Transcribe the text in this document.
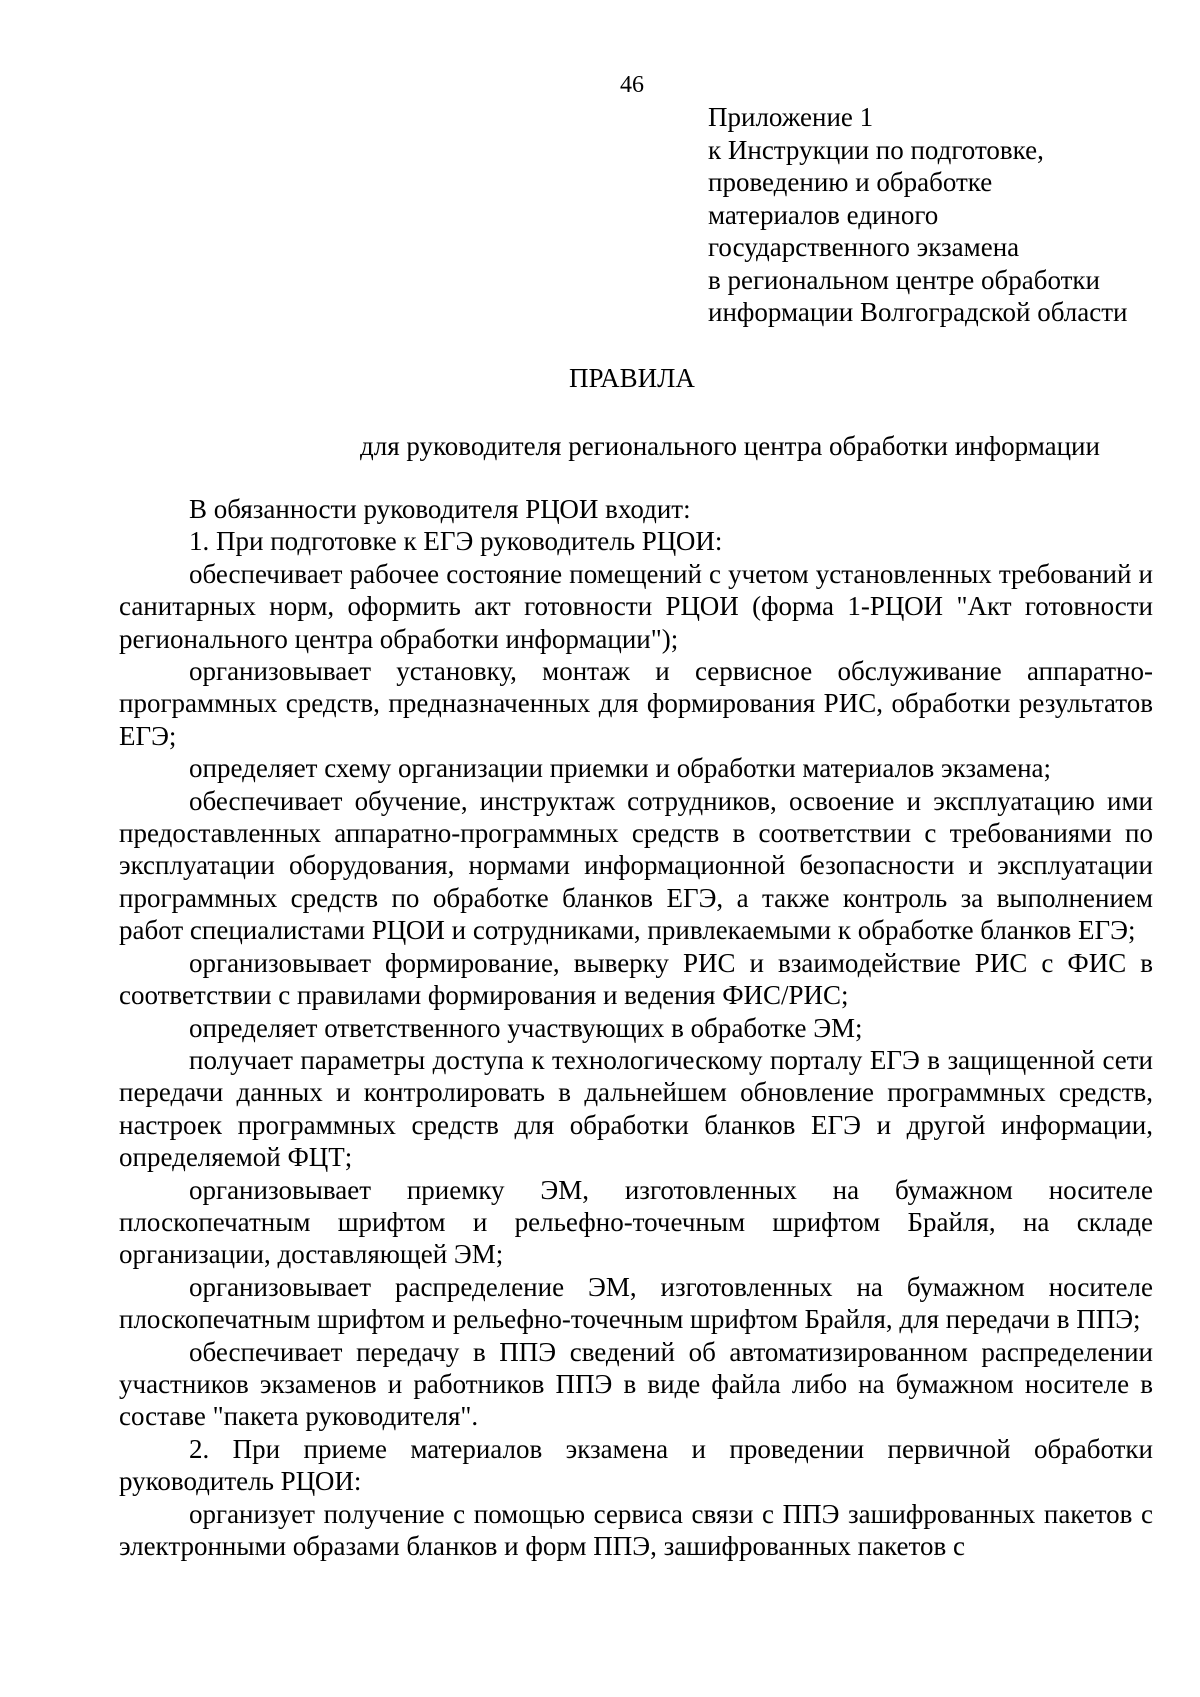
46
Приложение 1
к Инструкции по подготовке,
проведению и обработке
материалов единого
государственного экзамена
в региональном центре обработки
информации Волгоградской области
ПРАВИЛА
для руководителя регионального центра обработки информации

В обязанности руководителя РЦОИ входит:

1. При подготовке к ЕГЭ руководитель РЦОИ:

обеспечивает рабочее состояние помещений с учетом установленных требований и санитарных норм, оформить акт готовности РЦОИ (форма 1-РЦОИ "Акт готовности регионального центра обработки информации");

организовывает установку, монтаж и сервисное обслуживание аппаратно-программных средств, предназначенных для формирования РИС, обработки результатов ЕГЭ;

определяет схему организации приемки и обработки материалов экзамена;

обеспечивает обучение, инструктаж сотрудников, освоение и эксплуатацию ими предоставленных аппаратно-программных средств в соответствии с требованиями по эксплуатации оборудования, нормами информационной безопасности и эксплуатации программных средств по обработке бланков ЕГЭ, а также контроль за выполнением работ специалистами РЦОИ и сотрудниками, привлекаемыми к обработке бланков ЕГЭ;

организовывает формирование, выверку РИС и взаимодействие РИС с ФИС в соответствии с правилами формирования и ведения ФИС/РИС;

определяет ответственного участвующих в обработке ЭМ;

получает параметры доступа к технологическому порталу ЕГЭ в защищенной сети передачи данных и контролировать в дальнейшем обновление программных средств, настроек программных средств для обработки бланков ЕГЭ и другой информации, определяемой ФЦТ;

организовывает приемку ЭМ, изготовленных на бумажном носителе плоскопечатным шрифтом и рельефно-точечным шрифтом Брайля, на складе организации, доставляющей ЭМ;

организовывает распределение ЭМ, изготовленных на бумажном носителе плоскопечатным шрифтом и рельефно-точечным шрифтом Брайля, для передачи в ППЭ;

обеспечивает передачу в ППЭ сведений об автоматизированном распределении участников экзаменов и работников ППЭ в виде файла либо на бумажном носителе в составе "пакета руководителя".

2. При приеме материалов экзамена и проведении первичной обработки руководитель РЦОИ:

организует получение с помощью сервиса связи с ППЭ зашифрованных пакетов с электронными образами бланков и форм ППЭ, зашифрованных пакетов с
